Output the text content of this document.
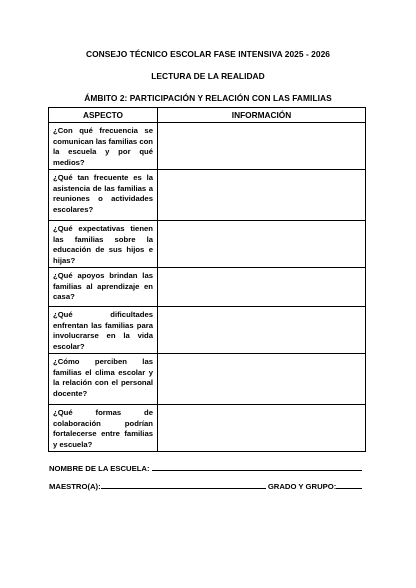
CONSEJO TÉCNICO ESCOLAR FASE INTENSIVA 2025 - 2026
LECTURA DE LA REALIDAD
ÁMBITO 2: PARTICIPACIÓN Y RELACIÓN CON LAS FAMILIAS
ASPECTO	INFORMACIÓN
¿Con qué frecuencia se comunican las familias con la escuela y por qué medios?	
¿Qué tan frecuente es la asistencia de las familias a reuniones o actividades escolares?	
¿Qué expectativas tienen las familias sobre la educación de sus hijos e hijas?	
¿Qué apoyos brindan las familias al aprendizaje en casa?	
¿Qué dificultades enfrentan las familias para involucrarse en la vida escolar?	
¿Cómo perciben las familias el clima escolar y la relación con el personal docente?	
¿Qué formas de colaboración podrían fortalecerse entre familias y escuela?	
NOMBRE DE LA ESCUELA:
MAESTRO(A):	GRADO Y GRUPO:
